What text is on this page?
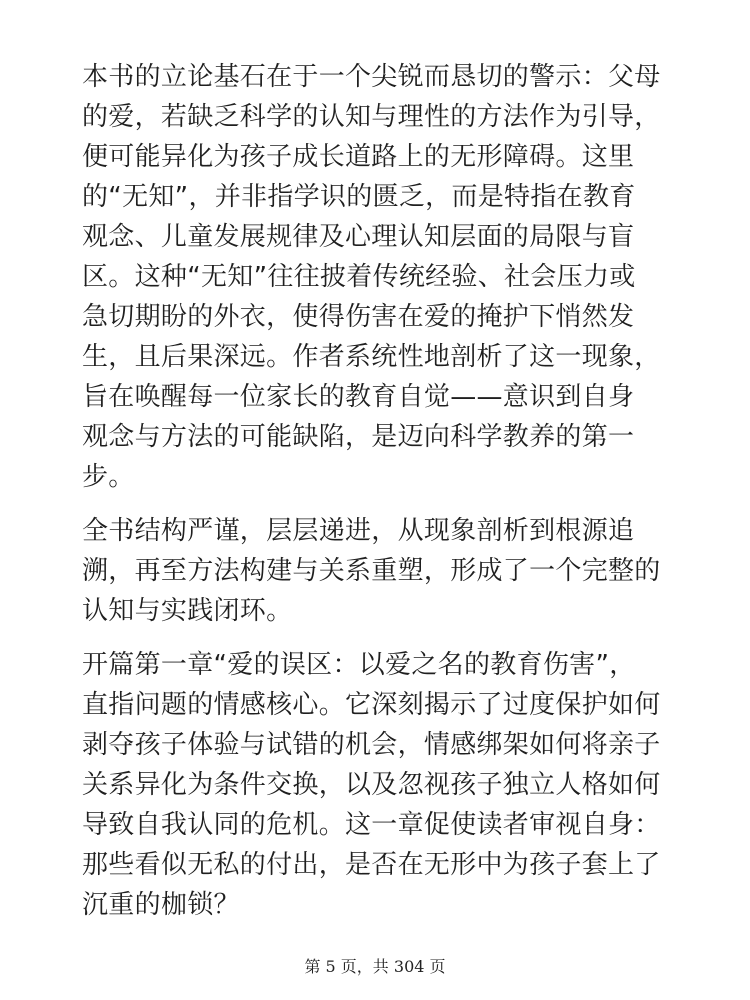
本书的立论基石在于一个尖锐而恳切的警示：父母
的爱，若缺乏科学的认知与理性的方法作为引导，
便可能异化为孩子成长道路上的无形障碍。这里
的“无知”，并非指学识的匮乏，而是特指在教育
观念、儿童发展规律及心理认知层面的局限与盲
区。这种“无知”往往披着传统经验、社会压力或
急切期盼的外衣，使得伤害在爱的掩护下悄然发
生，且后果深远。作者系统性地剖析了这一现象，
旨在唤醒每一位家长的教育自觉——意识到自身
观念与方法的可能缺陷，是迈向科学教养的第一
步。
全书结构严谨，层层递进，从现象剖析到根源追
溯，再至方法构建与关系重塑，形成了一个完整的
认知与实践闭环。
开篇第一章“爱的误区：以爱之名的教育伤害”，
直指问题的情感核心。它深刻揭示了过度保护如何
剥夺孩子体验与试错的机会，情感绑架如何将亲子
关系异化为条件交换，以及忽视孩子独立人格如何
导致自我认同的危机。这一章促使读者审视自身：
那些看似无私的付出，是否在无形中为孩子套上了
沉重的枷锁？
第 5 页，共 304 页
